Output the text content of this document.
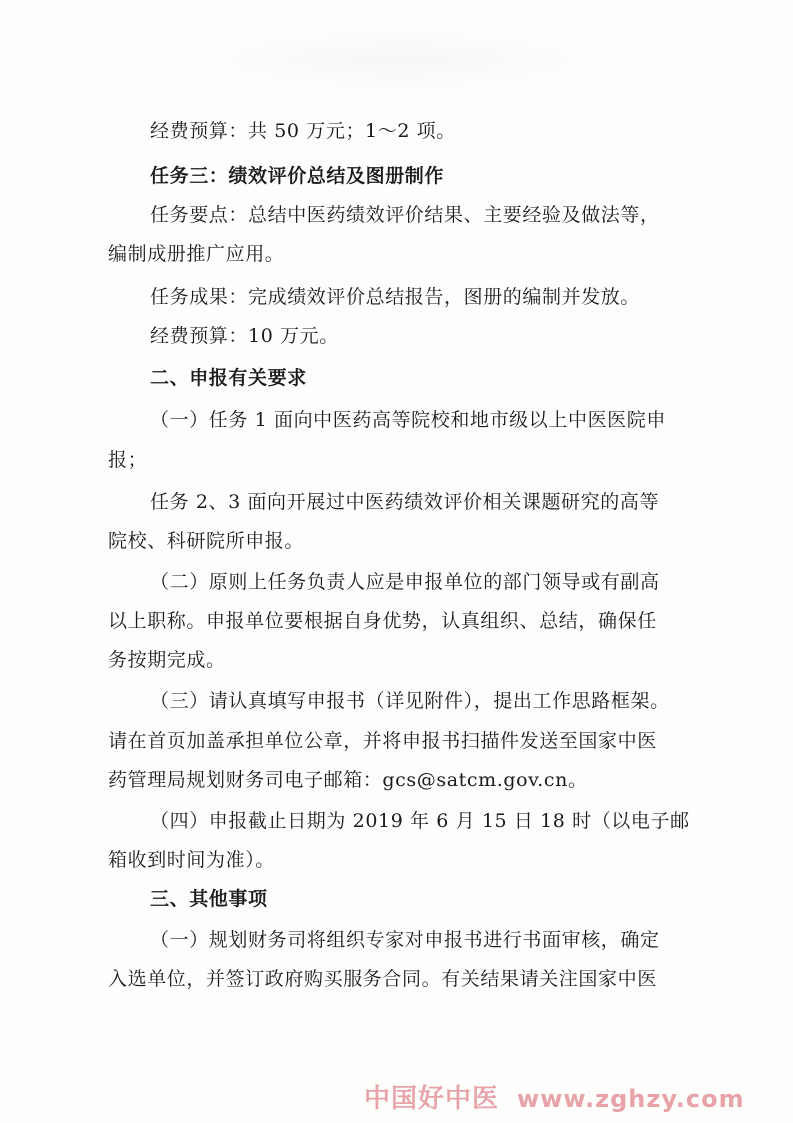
经费预算：共 50 万元；1～2 项。
任务三：绩效评价总结及图册制作
任务要点：总结中医药绩效评价结果、主要经验及做法等，
编制成册推广应用。
任务成果：完成绩效评价总结报告，图册的编制并发放。
经费预算：10 万元。
二、申报有关要求
（一）任务 1 面向中医药高等院校和地市级以上中医医院申
报；
任务 2、3 面向开展过中医药绩效评价相关课题研究的高等
院校、科研院所申报。
（二）原则上任务负责人应是申报单位的部门领导或有副高
以上职称。申报单位要根据自身优势，认真组织、总结，确保任
务按期完成。
（三）请认真填写申报书（详见附件），提出工作思路框架。
请在首页加盖承担单位公章，并将申报书扫描件发送至国家中医
药管理局规划财务司电子邮箱：gcs@satcm.gov.cn。
（四）申报截止日期为 2019 年 6 月 15 日 18 时（以电子邮
箱收到时间为准）。
三、其他事项
（一）规划财务司将组织专家对申报书进行书面审核，确定
入选单位，并签订政府购买服务合同。有关结果请关注国家中医
中国好中医 www.zghzy.com
